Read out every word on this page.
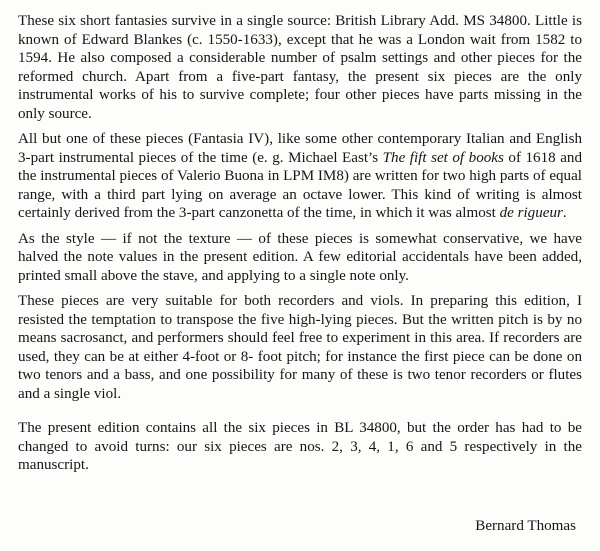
These six short fantasies survive in a single source: British Library Add. MS 34800. Little is known of Edward Blankes (c. 1550-1633), except that he was a London wait from 1582 to 1594. He also composed a considerable number of psalm settings and other pieces for the reformed church. Apart from a five-part fantasy, the present six pieces are the only instrumental works of his to survive complete; four other pieces have parts missing in the only source.

All but one of these pieces (Fantasia IV), like some other contemporary Italian and English 3-part instrumental pieces of the time (e. g. Michael East’s The fift set of books of 1618 and the instrumental pieces of Valerio Buona in LPM IM8) are written for two high parts of equal range, with a third part lying on average an octave lower. This kind of writing is almost certainly derived from the 3-part canzonetta of the time, in which it was almost de rigueur.

As the style — if not the texture — of these pieces is somewhat conservative, we have halved the note values in the present edition. A few editorial accidentals have been added, printed small above the stave, and applying to a single note only.

These pieces are very suitable for both recorders and viols. In preparing this edition, I resisted the temptation to transpose the five high-lying pieces. But the written pitch is by no means sacrosanct, and performers should feel free to experiment in this area. If recorders are used, they can be at either 4-foot or 8- foot pitch; for instance the first piece can be done on two tenors and a bass, and one possibility for many of these is two tenor recorders or flutes and a single viol.

The present edition contains all the six pieces in BL 34800, but the order has had to be changed to avoid turns: our six pieces are nos. 2, 3, 4, 1, 6 and 5 respectively in the manuscript.

Bernard Thomas
